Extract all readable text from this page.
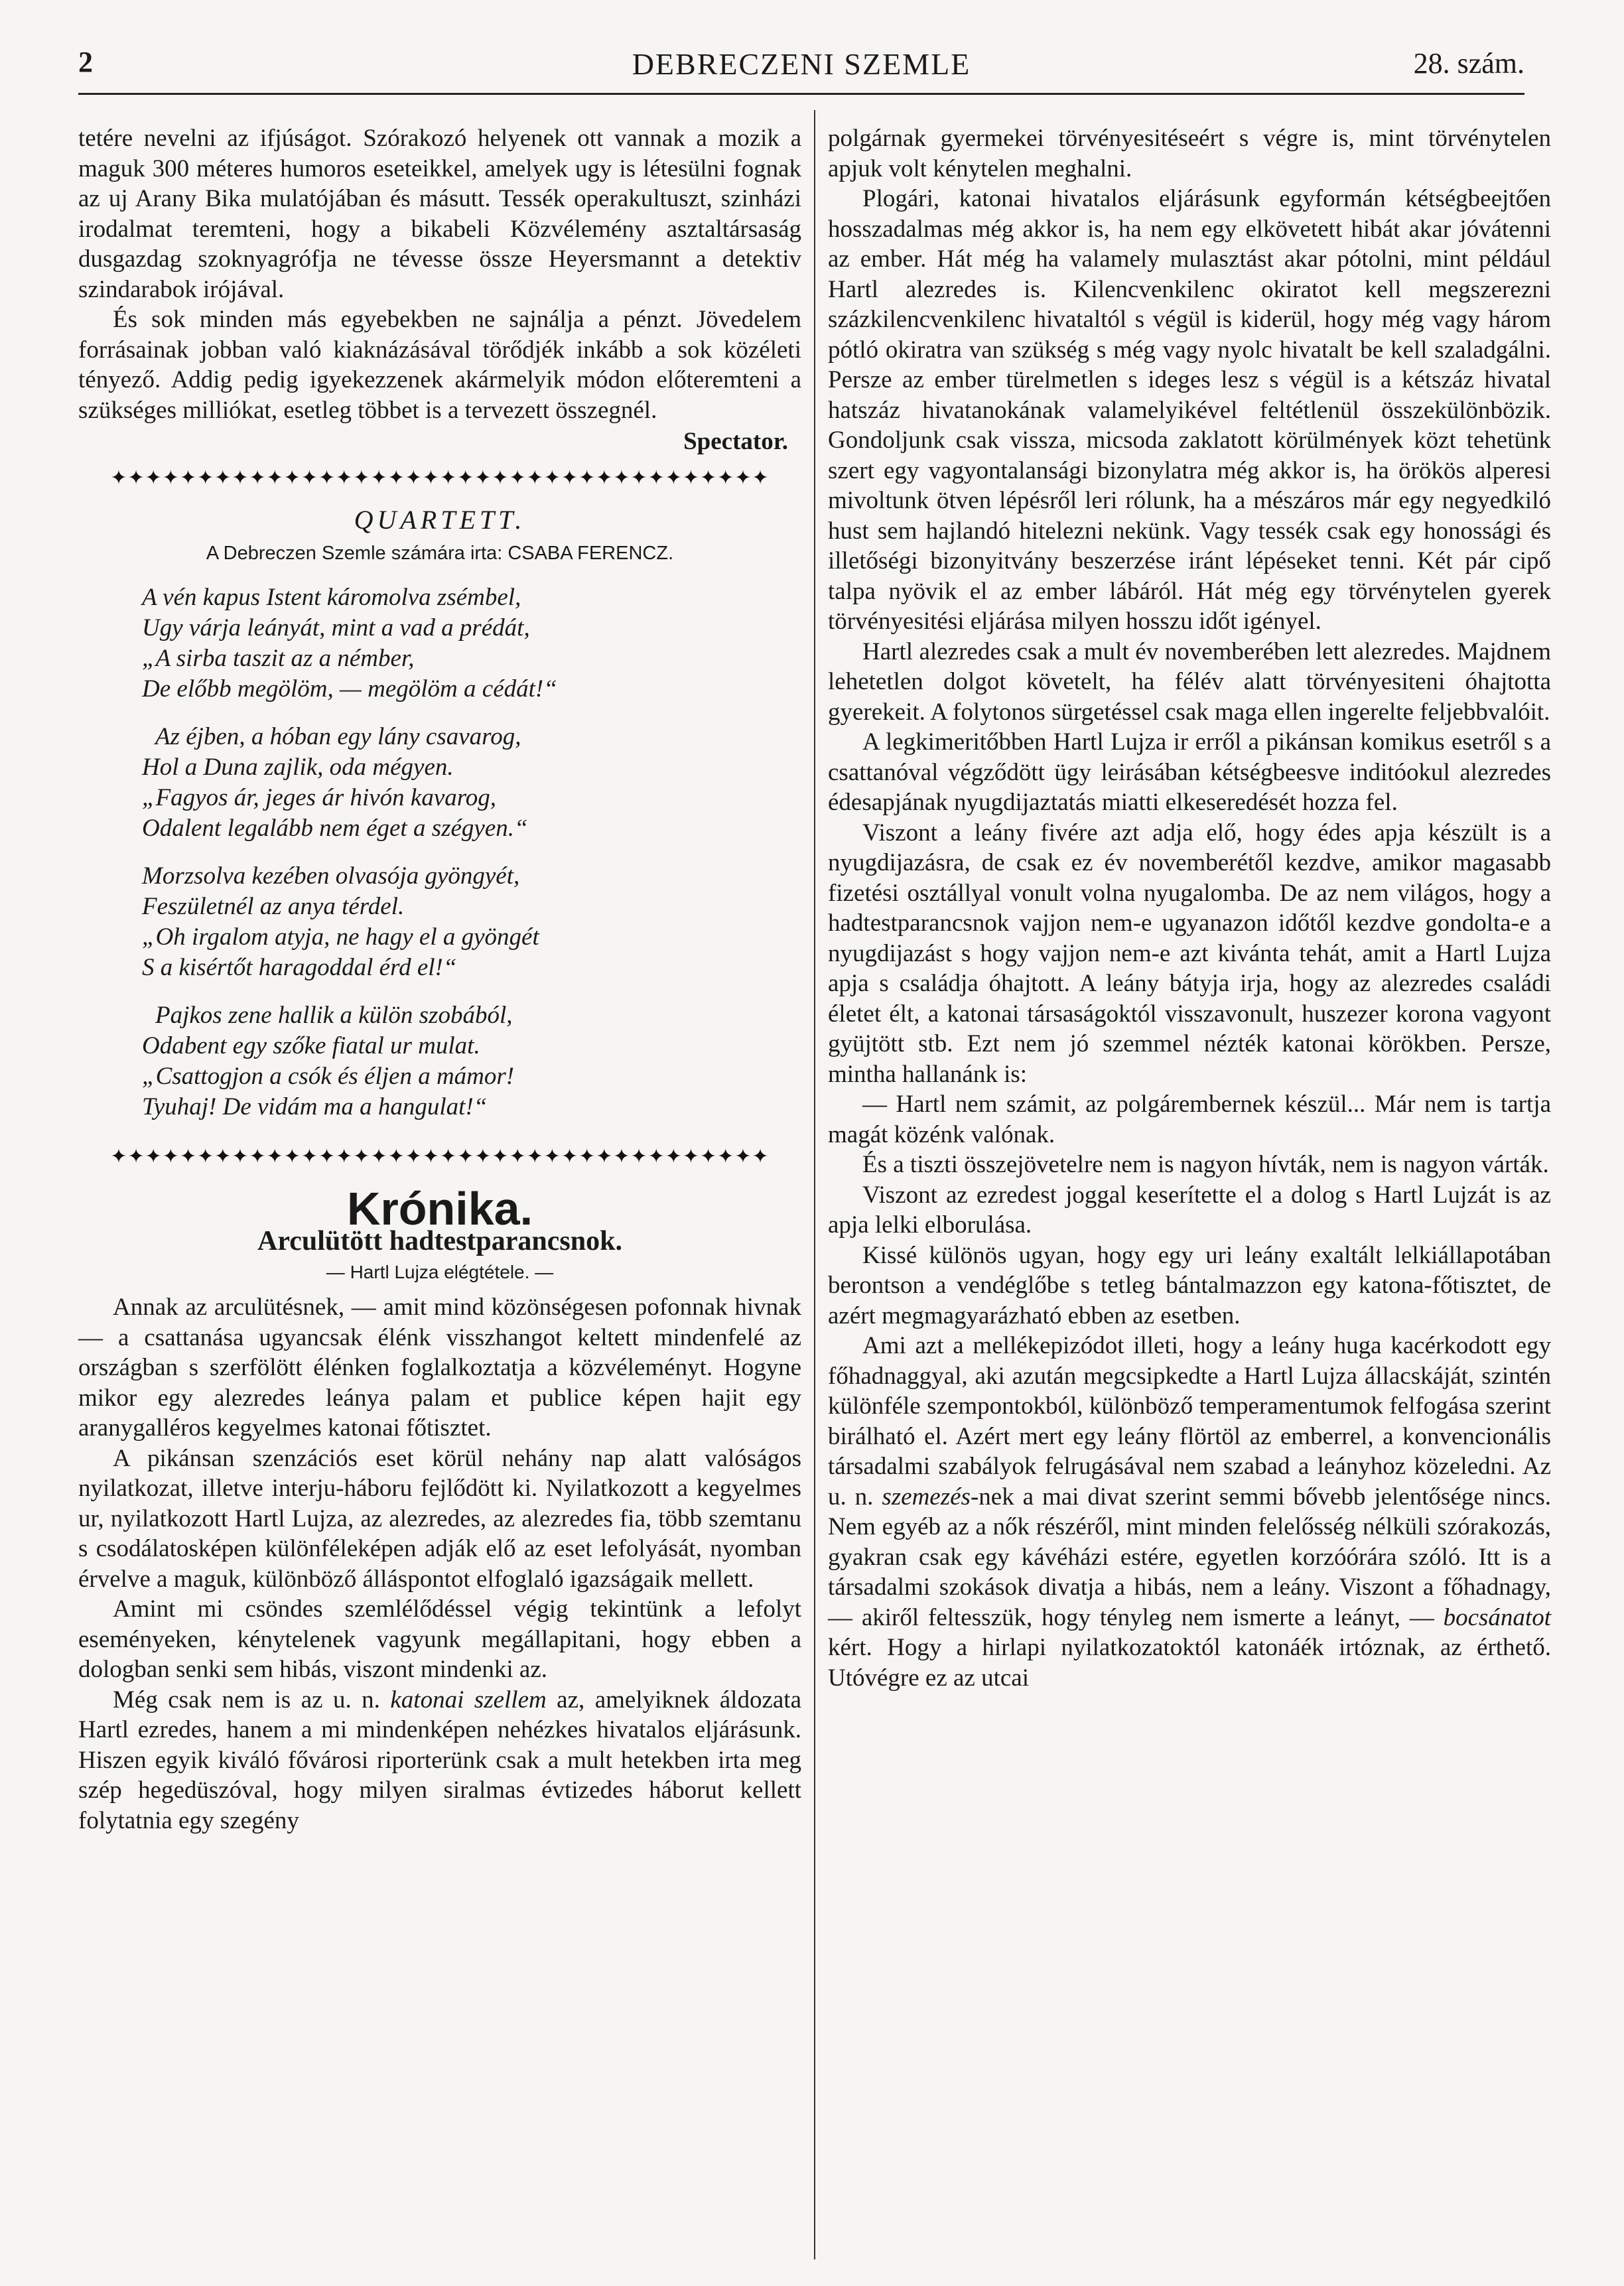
2	DEBRECZENI SZEMLE	28. szám.

tetére nevelni az ifjúságot. Szórakozó helyenek ott vannak a mozik a maguk 300 méteres humoros eseteikkel, amelyek ugy is létesülni fognak az uj Arany Bika mulatójában és másutt. Tessék operakultuszt, szinházi irodalmat teremteni, hogy a bikabeli Közvélemény asztaltársaság dusgazdag szoknyagrófja ne tévesse össze Heyersmannt a detektiv szindarabok irójával.

És sok minden más egyebekben ne sajnálja a pénzt. Jövedelem forrásainak jobban való kiaknázásával törődjék inkább a sok közéleti tényező. Addig pedig igyekezzenek akármelyik módon előteremteni a szükséges milliókat, esetleg többet is a tervezett összegnél.

Spectator.
✦✦✦✦✦✦✦✦✦✦✦✦✦✦✦✦✦✦✦✦✦✦✦✦✦✦✦✦✦✦✦✦✦✦✦✦✦✦
QUARTETT.
A Debreczen Szemle számára irta: CSABA FERENCZ.
A vén kapus Istent káromolva zsémbel,
Ugy várja leányát, mint a vad a prédát,
„A sirba taszit az a némber,
De előbb megölöm, — megölöm a cédát!“
Az éjben, a hóban egy lány csavarog,
Hol a Duna zajlik, oda mégyen.
„Fagyos ár, jeges ár hivón kavarog,
Odalent legalább nem éget a szégyen.“
Morzsolva kezében olvasója gyöngyét,
Feszületnél az anya térdel.
„Oh irgalom atyja, ne hagy el a gyöngét
S a kisértőt haragoddal érd el!“
Pajkos zene hallik a külön szobából,
Odabent egy szőke fiatal ur mulat.
„Csattogjon a csók és éljen a mámor!
Tyuhaj! De vidám ma a hangulat!“
✦✦✦✦✦✦✦✦✦✦✦✦✦✦✦✦✦✦✦✦✦✦✦✦✦✦✦✦✦✦✦✦✦✦✦✦✦✦
Krónika.
Arculütött hadtestparancsnok.
— Hartl Lujza elégtétele. —

Annak az arculütésnek, — amit mind közönségesen pofonnak hivnak — a csattanása ugyancsak élénk visszhangot keltett mindenfelé az országban s szerfölött élénken foglalkoztatja a közvéleményt. Hogyne mikor egy alezredes leánya palam et publice képen hajit egy aranygalléros kegyelmes katonai főtisztet.

A pikánsan szenzációs eset körül nehány nap alatt valóságos nyilatkozat, illetve interju-háboru fejlődött ki. Nyilatkozott a kegyelmes ur, nyilatkozott Hartl Lujza, az alezredes, az alezredes fia, több szemtanu s csodálatosképen különféleképen adják elő az eset lefolyását, nyomban érvelve a maguk, különböző álláspontot elfoglaló igazságaik mellett.

Amint mi csöndes szemlélődéssel végig tekintünk a lefolyt eseményeken, kénytelenek vagyunk megállapitani, hogy ebben a dologban senki sem hibás, viszont mindenki az.

Még csak nem is az u. n. katonai szellem az, amelyiknek áldozata Hartl ezredes, hanem a mi mindenképen nehézkes hivatalos eljárásunk. Hiszen egyik kiváló fővárosi riporterünk csak a mult hetekben irta meg szép hegedüszóval, hogy milyen siralmas évtizedes háborut kellett folytatnia egy szegény

polgárnak gyermekei törvényesitéseért s végre is, mint törvénytelen apjuk volt kénytelen meghalni.

Plogári, katonai hivatalos eljárásunk egyformán kétségbeejtően hosszadalmas még akkor is, ha nem egy elkövetett hibát akar jóvátenni az ember. Hát még ha valamely mulasztást akar pótolni, mint például Hartl alezredes is. Kilencvenkilenc okiratot kell megszerezni százkilencvenkilenc hivataltól s végül is kiderül, hogy még vagy három pótló okiratra van szükség s még vagy nyolc hivatalt be kell szaladgálni. Persze az ember türelmetlen s ideges lesz s végül is a kétszáz hivatal hatszáz hivatanokának valamelyikével feltétlenül összekülönbözik. Gondoljunk csak vissza, micsoda zaklatott körülmények közt tehetünk szert egy vagyontalansági bizonylatra még akkor is, ha örökös alperesi mivoltunk ötven lépésről leri rólunk, ha a mészáros már egy negyedkiló hust sem hajlandó hitelezni nekünk. Vagy tessék csak egy honossági és illetőségi bizonyitvány beszerzése iránt lépéseket tenni. Két pár cipő talpa nyövik el az ember lábáról. Hát még egy törvénytelen gyerek törvényesitési eljárása milyen hosszu időt igényel.

Hartl alezredes csak a mult év novemberében lett alezredes. Majdnem lehetetlen dolgot követelt, ha félév alatt törvényesiteni óhajtotta gyerekeit. A folytonos sürgetéssel csak maga ellen ingerelte feljebbvalóit.

A legkimeritőbben Hartl Lujza ir erről a pikánsan komikus esetről s a csattanóval végződött ügy leirásában kétségbeesve inditóokul alezredes édesapjának nyugdijaztatás miatti elkeseredését hozza fel.

Viszont a leány fivére azt adja elő, hogy édes apja készült is a nyugdijazásra, de csak ez év novemberétől kezdve, amikor magasabb fizetési osztállyal vonult volna nyugalomba. De az nem világos, hogy a hadtestparancsnok vajjon nem-e ugyanazon időtől kezdve gondolta-e a nyugdijazást s hogy vajjon nem-e azt kivánta tehát, amit a Hartl Lujza apja s családja óhajtott. A leány bátyja irja, hogy az alezredes családi életet élt, a katonai társaságoktól visszavonult, huszezer korona vagyont gyüjtött stb. Ezt nem jó szemmel nézték katonai körökben. Persze, mintha hallanánk is:

— Hartl nem számit, az polgárembernek készül... Már nem is tartja magát közénk valónak.

És a tiszti összejövetelre nem is nagyon hívták, nem is nagyon várták.

Viszont az ezredest joggal keserítette el a dolog s Hartl Lujzát is az apja lelki elborulása.

Kissé különös ugyan, hogy egy uri leány exaltált lelkiállapotában berontson a vendéglőbe s tetleg bántalmazzon egy katona-főtisztet, de azért megmagyarázható ebben az esetben.

Ami azt a mellékepizódot illeti, hogy a leány huga kacérkodott egy főhadnaggyal, aki azután megcsipkedte a Hartl Lujza állacskáját, szintén különféle szempontokból, különböző temperamentumok felfogása szerint birálható el. Azért mert egy leány flörtöl az emberrel, a konvencionális társadalmi szabályok felrugásával nem szabad a leányhoz közeledni. Az u. n. szemezés-nek a mai divat szerint semmi bővebb jelentősége nincs. Nem egyéb az a nők részéről, mint minden felelősség nélküli szórakozás, gyakran csak egy kávéházi estére, egyetlen korzóórára szóló. Itt is a társadalmi szokások divatja a hibás, nem a leány. Viszont a főhadnagy, — akiről feltesszük, hogy tényleg nem ismerte a leányt, — bocsánatot kért. Hogy a hirlapi nyilatkozatoktól katonáék irtóznak, az érthető. Utóvégre ez az utcai
